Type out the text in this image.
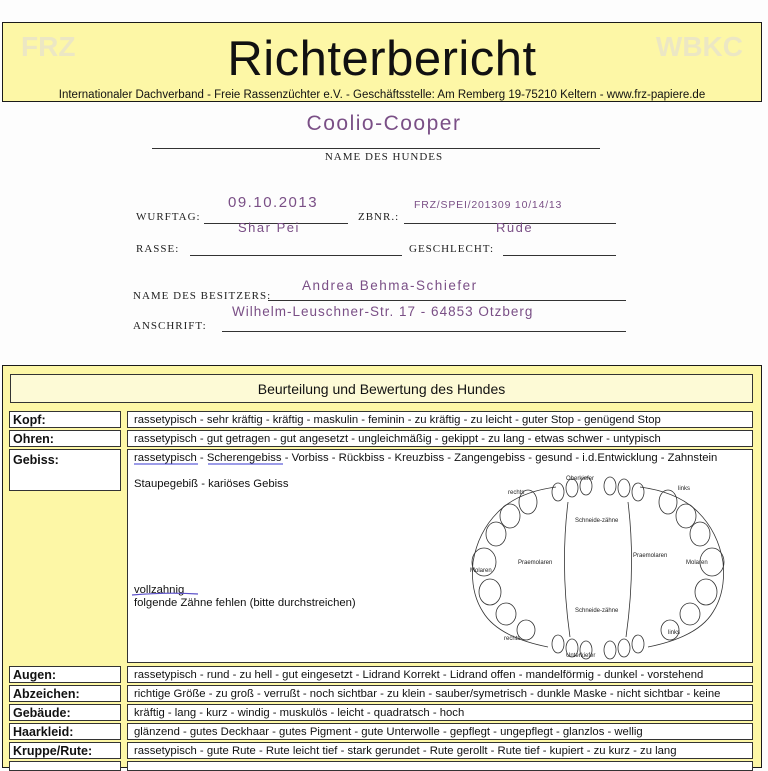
FRZ	WBKC
Richterbericht
Internationaler Dachverband - Freie Rassenzüchter e.V. - Geschäftsstelle: Am Remberg 19-75210 Keltern - www.frz-papiere.de
Coolio-Cooper
NAME DES HUNDES
WURFTAG:
09.10.2013
ZBNR.:
FRZ/SPEI/201309 10/14/13
RASSE:
Shar Pei
GESCHLECHT:
Rüde
NAME DES BESITZERS:
Andrea Behma-Schiefer
ANSCHRIFT:
Wilhelm-Leuschner-Str. 17 - 64853 Otzberg
Beurteilung und Bewertung des Hundes
Kopf:	rassetypisch - sehr kräftig - kräftig - maskulin - feminin - zu kräftig - zu leicht - guter Stop - genügend Stop
Ohren:	rassetypisch - gut getragen - gut angesetzt - ungleichmäßig - gekippt - zu lang - etwas schwer - untypisch
Gebiss:	rassetypisch - Scherengebiss - Vorbiss - Rückbiss - Kreuzbiss - Zangengebiss - gesund - i.d.Entwicklung - Zahnstein
Staupegebiß - kariöses Gebiss
vollzahnig
folgende Zähne fehlen (bitte durchstreichen)
Oberkiefer
Unterkiefer
rechts
links
rechts
links
Schneide-zähne
Schneide-zähne
Praemolaren
Praemolaren
Molaren
Molaren
Augen:	rassetypisch - rund - zu hell - gut eingesetzt - Lidrand Korrekt - Lidrand offen - mandelförmig - dunkel - vorstehend
Abzeichen:	richtige Größe - zu groß - verrußt - noch sichtbar - zu klein - sauber/symetrisch - dunkle Maske - nicht sichtbar - keine
Gebäude:	kräftig - lang - kurz - windig - muskulös - leicht - quadratsch - hoch
Haarkleid:	glänzend - gutes Deckhaar - gutes Pigment - gute Unterwolle - gepflegt - ungepflegt - glanzlos - wellig
Kruppe/Rute:	rassetypisch - gute Rute - Rute leicht tief - stark gerundet - Rute gerollt - Rute tief - kupiert - zu kurz - zu lang
